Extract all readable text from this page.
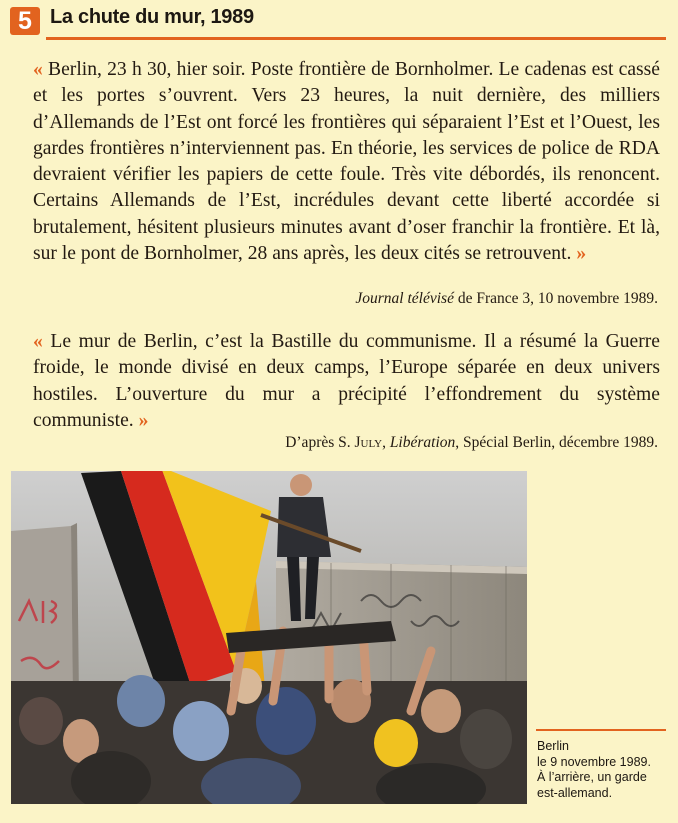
5 La chute du mur, 1989

« Berlin, 23 h 30, hier soir. Poste frontière de Bornholmer. Le cadenas est cassé et les portes s’ouvrent. Vers 23 heures, la nuit dernière, des milliers d’Allemands de l’Est ont forcé les frontières qui séparaient l’Est et l’Ouest, les gardes frontières n’interviennent pas. En théorie, les services de police de RDA devraient vérifier les papiers de cette foule. Très vite débordés, ils renoncent. Certains Allemands de l’Est, incrédules devant cette liberté accordée si brutalement, hésitent plusieurs minutes avant d’oser franchir la frontière. Et là, sur le pont de Bornholmer, 28 ans après, les deux cités se retrouvent. »

Journal télévisé de France 3, 10 novembre 1989.

« Le mur de Berlin, c’est la Bastille du communisme. Il a résumé la Guerre froide, le monde divisé en deux camps, l’Europe séparée en deux univers hostiles. L’ouverture du mur a précipité l’effondrement du système communiste. »

D’après S. July, Libération, Spécial Berlin, décembre 1989.

Berlin
le 9 novembre 1989.
À l’arrière, un garde
est-allemand.
